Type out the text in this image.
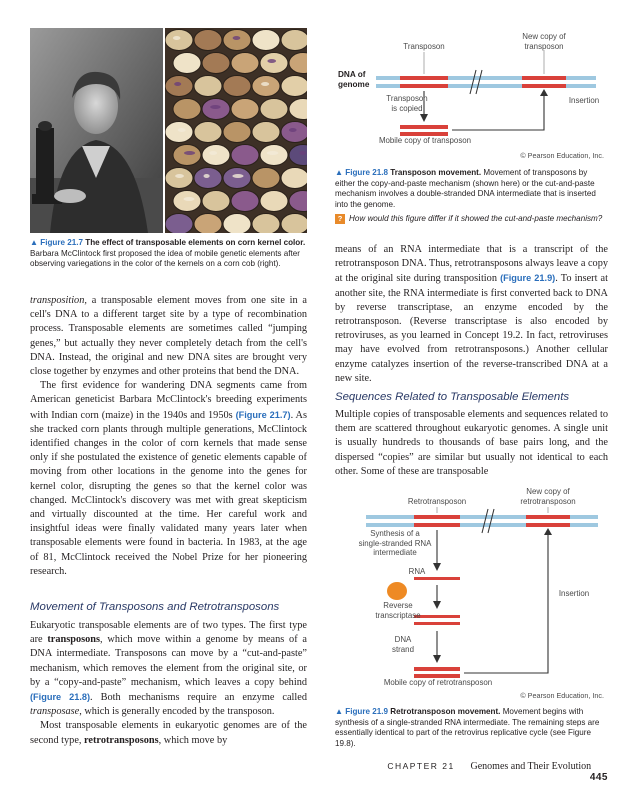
▲ Figure 21.7 The effect of transposable elements on corn kernel color. Barbara McClintock first proposed the idea of mobile genetic elements after observing variegations in the color of the kernels on a corn cob (right).

transposition, a transposable element moves from one site in a cell's DNA to a different target site by a type of recombination process. Transposable elements are sometimes called “jumping genes,” but actually they never completely detach from the cell's DNA. Instead, the original and new DNA sites are brought very close together by enzymes and other proteins that bend the DNA.

The first evidence for wandering DNA segments came from American geneticist Barbara McClintock's breeding experiments with Indian corn (maize) in the 1940s and 1950s (Figure 21.7). As she tracked corn plants through multiple generations, McClintock identified changes in the color of corn kernels that made sense only if she postulated the existence of genetic elements capable of moving from other locations in the genome into the genes for kernel color, disrupting the genes so that the kernel color was changed. McClintock's discovery was met with great skepticism and virtually discounted at the time. Her careful work and insightful ideas were finally validated many years later when transposable elements were found in bacteria. In 1983, at the age of 81, McClintock received the Nobel Prize for her pioneering research.

Movement of Transposons and Retrotransposons

Eukaryotic transposable elements are of two types. The first type are transposons, which move within a genome by means of a DNA intermediate. Transposons can move by a “cut-and-paste” mechanism, which removes the element from the original site, or by a “copy-and-paste” mechanism, which leaves a copy behind (Figure 21.8). Both mechanisms require an enzyme called transposase, which is generally encoded by the transposon.

Most transposable elements in eukaryotic genomes are of the second type, retrotransposons, which move by

Transposon
New copy of transposon
DNA of genome
Transposon is copied
Insertion
Mobile copy of transposon
© Pearson Education, Inc.
▲ Figure 21.8 Transposon movement. Movement of transposons by either the copy-and-paste mechanism (shown here) or the cut-and-paste mechanism involves a double-stranded DNA intermediate that is inserted into the genome.
? How would this figure differ if it showed the cut-and-paste mechanism?

means of an RNA intermediate that is a transcript of the retrotransposon DNA. Thus, retrotransposons always leave a copy at the original site during transposition (Figure 21.9). To insert at another site, the RNA intermediate is first converted back to DNA by reverse transcriptase, an enzyme encoded by the retrotransposon. (Reverse transcriptase is also encoded by retroviruses, as you learned in Concept 19.2. In fact, retroviruses may have evolved from retrotransposons.) Another cellular enzyme catalyzes insertion of the reverse-transcribed DNA at a new site.

Sequences Related to Transposable Elements

Multiple copies of transposable elements and sequences related to them are scattered throughout eukaryotic genomes. A single unit is usually hundreds to thousands of base pairs long, and the dispersed “copies” are similar but usually not identical to each other. Some of these are transposable

Retrotransposon
New copy of retrotransposon
Synthesis of a single-stranded RNA intermediate
RNA
Reverse transcriptase
Insertion
DNA strand
Mobile copy of retrotransposon
© Pearson Education, Inc.
▲ Figure 21.9 Retrotransposon movement. Movement begins with synthesis of a single-stranded RNA intermediate. The remaining steps are essentially identical to part of the retrovirus replicative cycle (see Figure 19.8).
CHAPTER 21 Genomes and Their Evolution  445
